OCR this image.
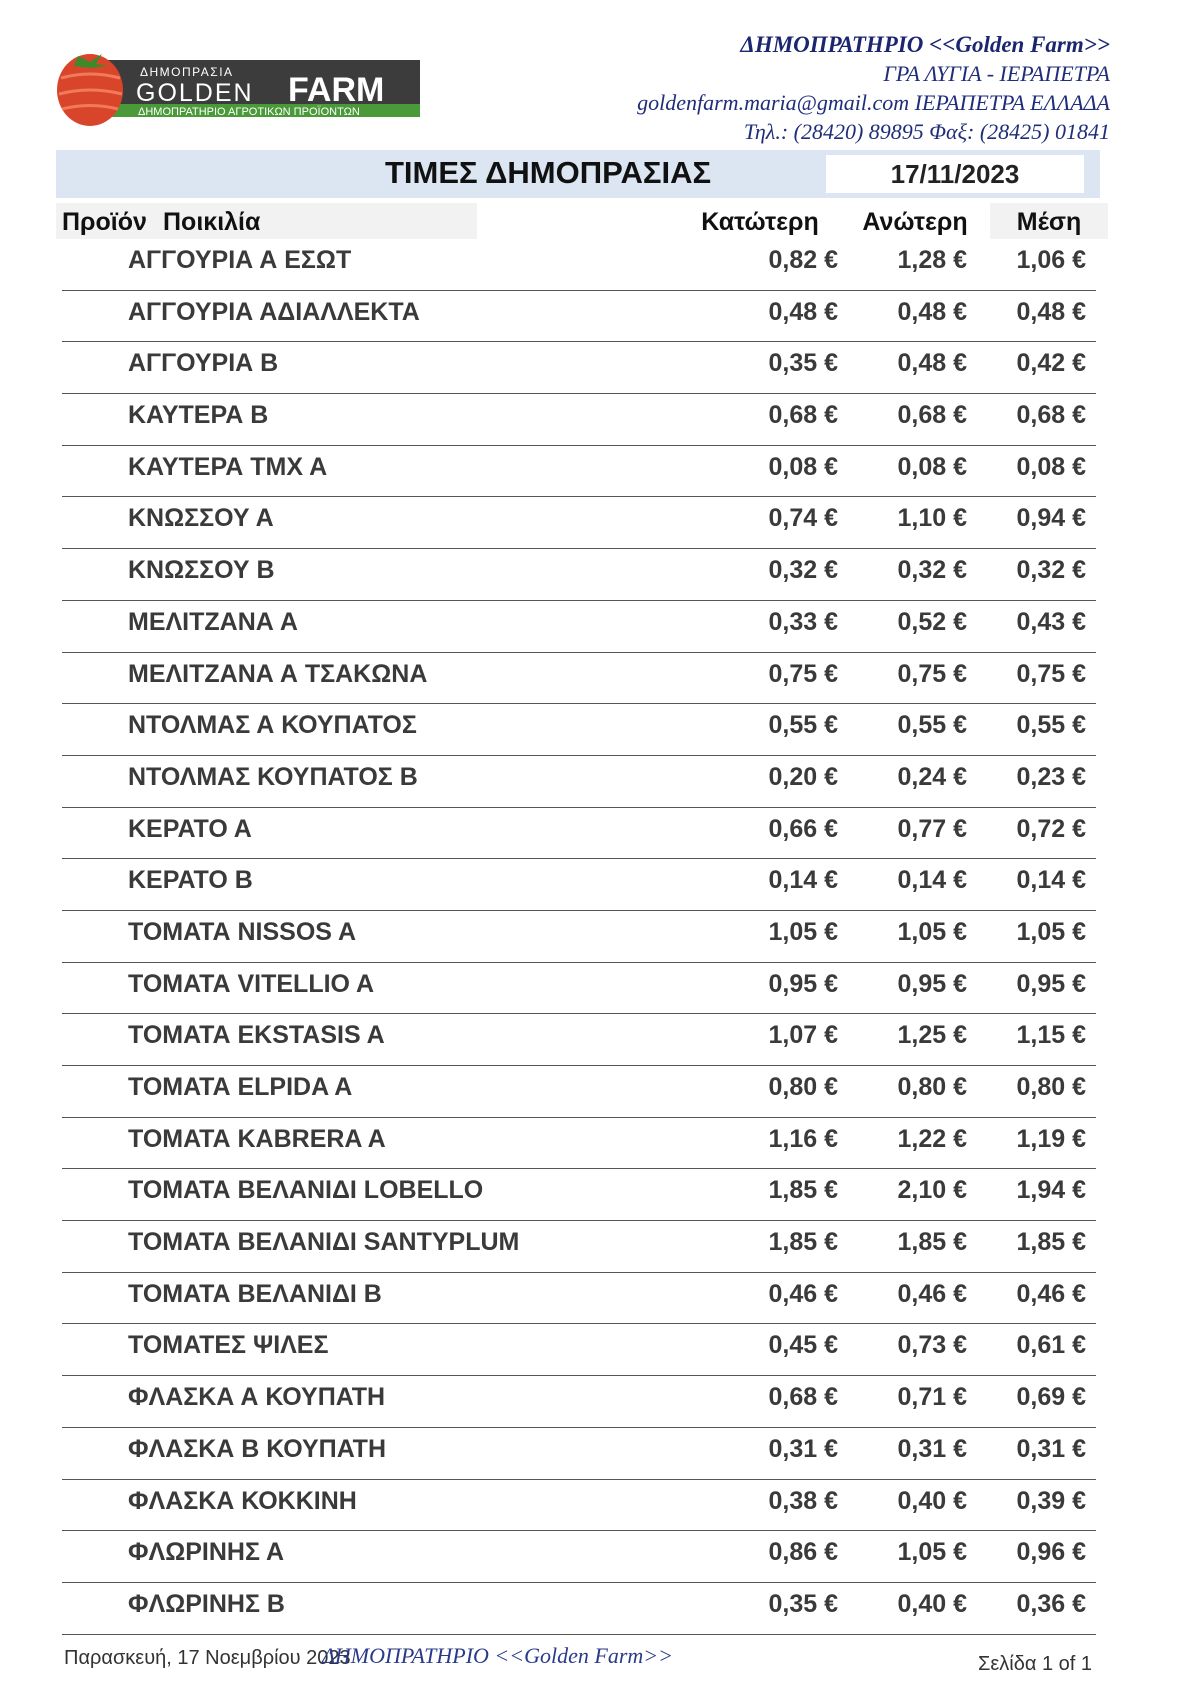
ΔΗΜΟΠΡΑΣΙΑ
GOLDEN FARM
ΔΗΜΟΠΡΑΤΗΡΙΟ ΑΓΡΟΤΙΚΩΝ ΠΡΟΪΟΝΤΩΝ
ΔΗΜΟΠΡΑΤΗΡΙΟ <<Golden Farm>>
ΓΡΑ ΛΥΓΙΑ - ΙΕΡΑΠΕΤΡΑ
goldenfarm.maria@gmail.com ΙΕΡΑΠΕΤΡΑ ΕΛΛΑΔΑ
Τηλ.: (28420) 89895 Φαξ: (28425) 01841
ΤΙΜΕΣ ΔΗΜΟΠΡΑΣΙΑΣ	17/11/2023
Προϊόν Ποικιλία	Κατώτερη	Ανώτερη	Μέση
ΑΓΓΟΥΡΙΑ Α ΕΣΩΤ	0,82 € 1,28 € 1,06 €
ΑΓΓΟΥΡΙΑ ΑΔΙΑΛΛΕΚΤΑ	0,48 € 0,48 € 0,48 €
ΑΓΓΟΥΡΙΑ Β	0,35 € 0,48 € 0,42 €
ΚΑΥΤΕΡΑ Β	0,68 € 0,68 € 0,68 €
ΚΑΥΤΕΡΑ ΤΜΧ Α	0,08 € 0,08 € 0,08 €
ΚΝΩΣΣΟΥ Α	0,74 € 1,10 € 0,94 €
ΚΝΩΣΣΟΥ Β	0,32 € 0,32 € 0,32 €
ΜΕΛΙΤΖΑΝΑ Α	0,33 € 0,52 € 0,43 €
ΜΕΛΙΤΖΑΝΑ Α ΤΣΑΚΩΝΑ	0,75 € 0,75 € 0,75 €
ΝΤΟΛΜΑΣ Α ΚΟΥΠΑΤΟΣ	0,55 € 0,55 € 0,55 €
ΝΤΟΛΜΑΣ ΚΟΥΠΑΤΟΣ Β	0,20 € 0,24 € 0,23 €
ΚΕΡΑΤΟ Α	0,66 € 0,77 € 0,72 €
ΚΕΡΑΤΟ Β	0,14 € 0,14 € 0,14 €
ΤΟΜΑΤΑ NISSOS A	1,05 € 1,05 € 1,05 €
ΤΟΜΑΤΑ VITELLIO A	0,95 € 0,95 € 0,95 €
ΤΟΜΑΤΑ EKSTASIS A	1,07 € 1,25 € 1,15 €
ΤΟΜΑΤΑ ELPIDA A	0,80 € 0,80 € 0,80 €
ΤΟΜΑΤΑ KABRERA A	1,16 € 1,22 € 1,19 €
ΤΟΜΑΤΑ ΒΕΛΑΝΙΔΙ LOBELLO	1,85 € 2,10 € 1,94 €
ΤΟΜΑΤΑ ΒΕΛΑΝΙΔΙ SANTYPLUM	1,85 € 1,85 € 1,85 €
ΤΟΜΑΤΑ ΒΕΛΑΝΙΔΙ Β	0,46 € 0,46 € 0,46 €
ΤΟΜΑΤΕΣ ΨΙΛΕΣ	0,45 € 0,73 € 0,61 €
ΦΛΑΣΚΑ Α ΚΟΥΠΑΤΗ	0,68 € 0,71 € 0,69 €
ΦΛΑΣΚΑ Β ΚΟΥΠΑΤΗ	0,31 € 0,31 € 0,31 €
ΦΛΑΣΚΑ ΚΟΚΚΙΝΗ	0,38 € 0,40 € 0,39 €
ΦΛΩΡΙΝΗΣ Α	0,86 € 1,05 € 0,96 €
ΦΛΩΡΙΝΗΣ Β	0,35 € 0,40 € 0,36 €
Παρασκευή, 17 Νοεμβρίου 2023
ΔΗΜΟΠΡΑΤΗΡΙΟ <<Golden Farm>>	Σελίδα 1 of 1
